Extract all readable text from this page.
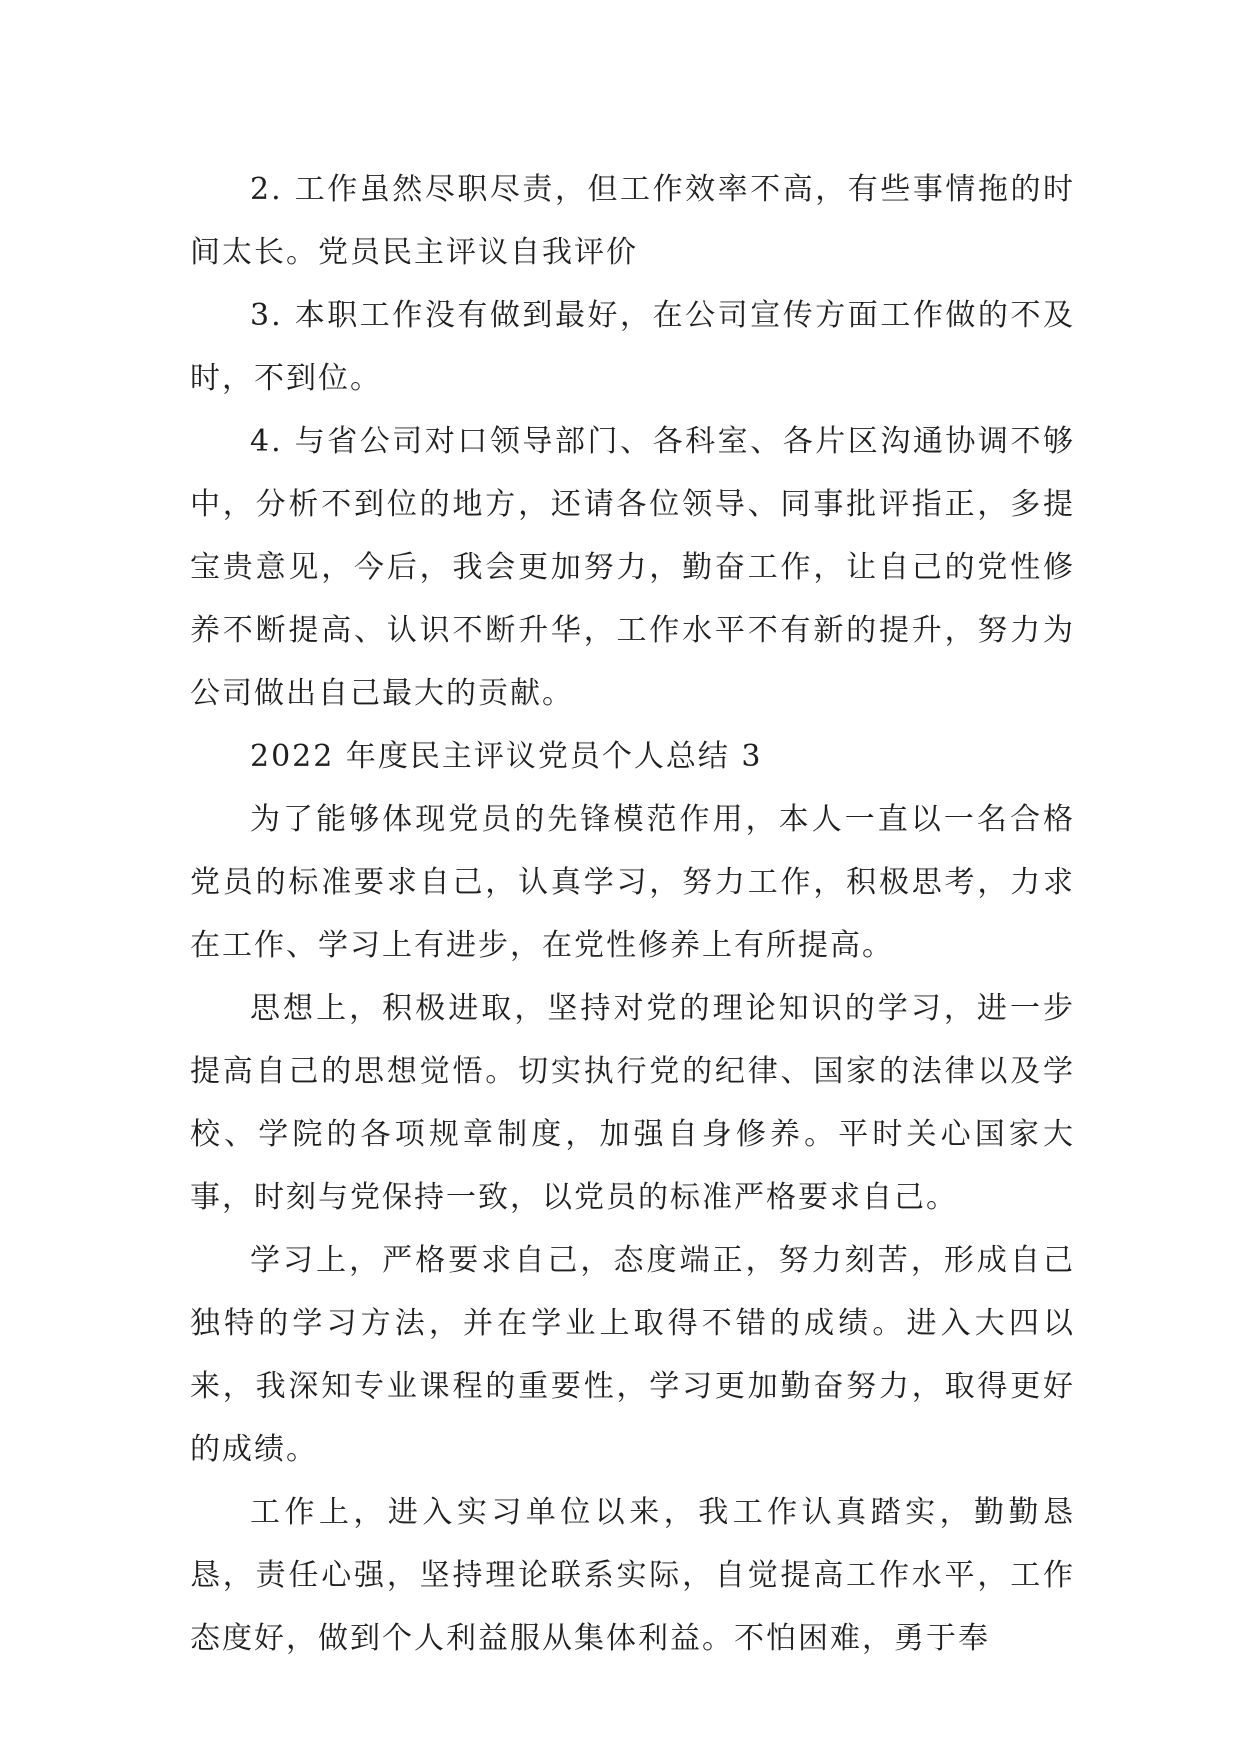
2. 工作虽然尽职尽责，但工作效率不高，有些事情拖的时间太长。党员民主评议自我评价

3. 本职工作没有做到最好，在公司宣传方面工作做的不及时，不到位。

4. 与省公司对口领导部门、各科室、各片区沟通协调不够中，分析不到位的地方，还请各位领导、同事批评指正，多提宝贵意见，今后，我会更加努力，勤奋工作，让自己的党性修养不断提高、认识不断升华，工作水平不有新的提升，努力为公司做出自己最大的贡献。

2022 年度民主评议党员个人总结 3

为了能够体现党员的先锋模范作用，本人一直以一名合格党员的标准要求自己，认真学习，努力工作，积极思考，力求在工作、学习上有进步，在党性修养上有所提高。

思想上，积极进取，坚持对党的理论知识的学习，进一步提高自己的思想觉悟。切实执行党的纪律、国家的法律以及学校、学院的各项规章制度，加强自身修养。平时关心国家大事，时刻与党保持一致，以党员的标准严格要求自己。

学习上，严格要求自己，态度端正，努力刻苦，形成自己独特的学习方法，并在学业上取得不错的成绩。进入大四以来，我深知专业课程的重要性，学习更加勤奋努力，取得更好的成绩。

工作上，进入实习单位以来，我工作认真踏实，勤勤恳恳，责任心强，坚持理论联系实际，自觉提高工作水平，工作态度好，做到个人利益服从集体利益。不怕困难，勇于奉
